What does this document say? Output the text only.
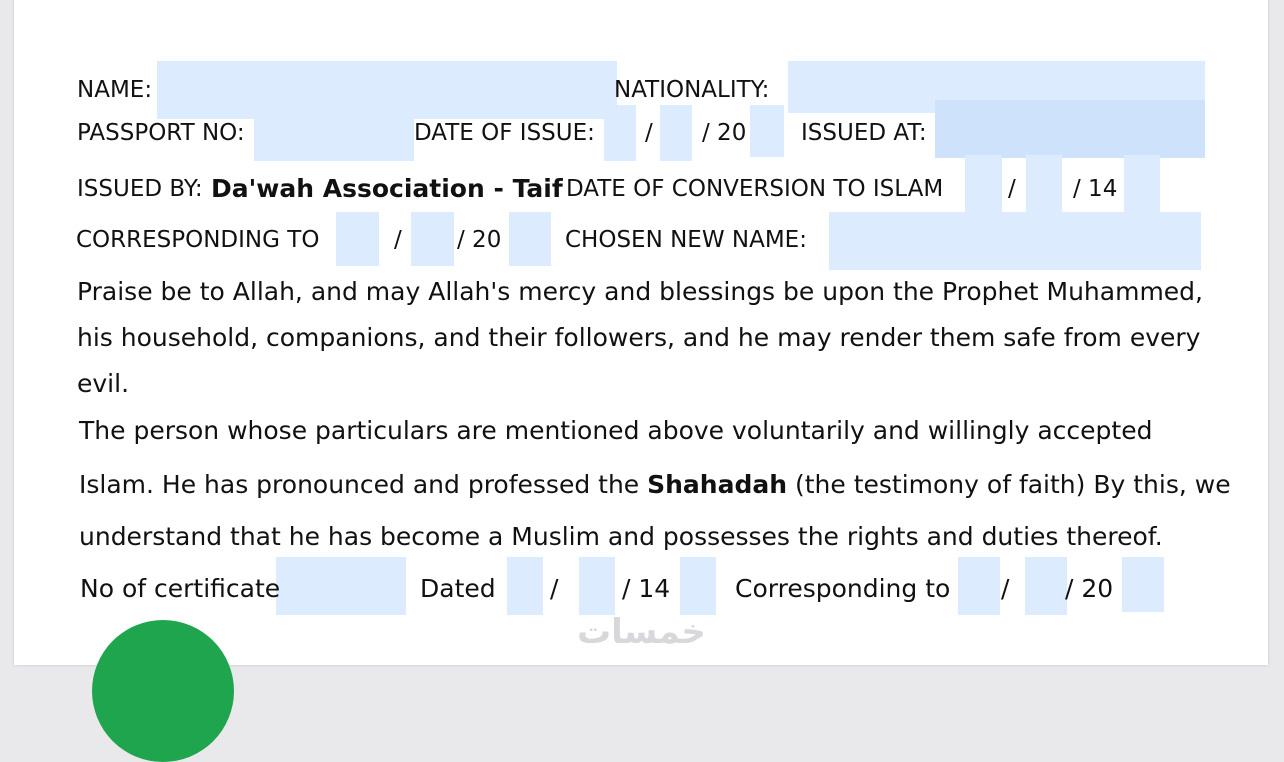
NAME:	NATIONALITY:
PASSPORT NO:	DATE OF ISSUE: / / 20 ISSUED AT:
ISSUED BY: Da'wah Association - Taif DATE OF CONVERSION TO ISLAM	/ / 14
CORRESPONDING TO	/ / 20	CHOSEN NEW NAME:
Praise be to Allah, and may Allah's mercy and blessings be upon the Prophet Muhammed,
his household, companions, and their followers, and he may render them safe from every
evil.
The person whose particulars are mentioned above voluntarily and willingly accepted
Islam. He has pronounced and professed the Shahadah (the testimony of faith) By this, we
understand that he has become a Muslim and possesses the rights and duties thereof.
No of certificate	Dated /	/ 14	Corresponding to / / 20
خمسات
